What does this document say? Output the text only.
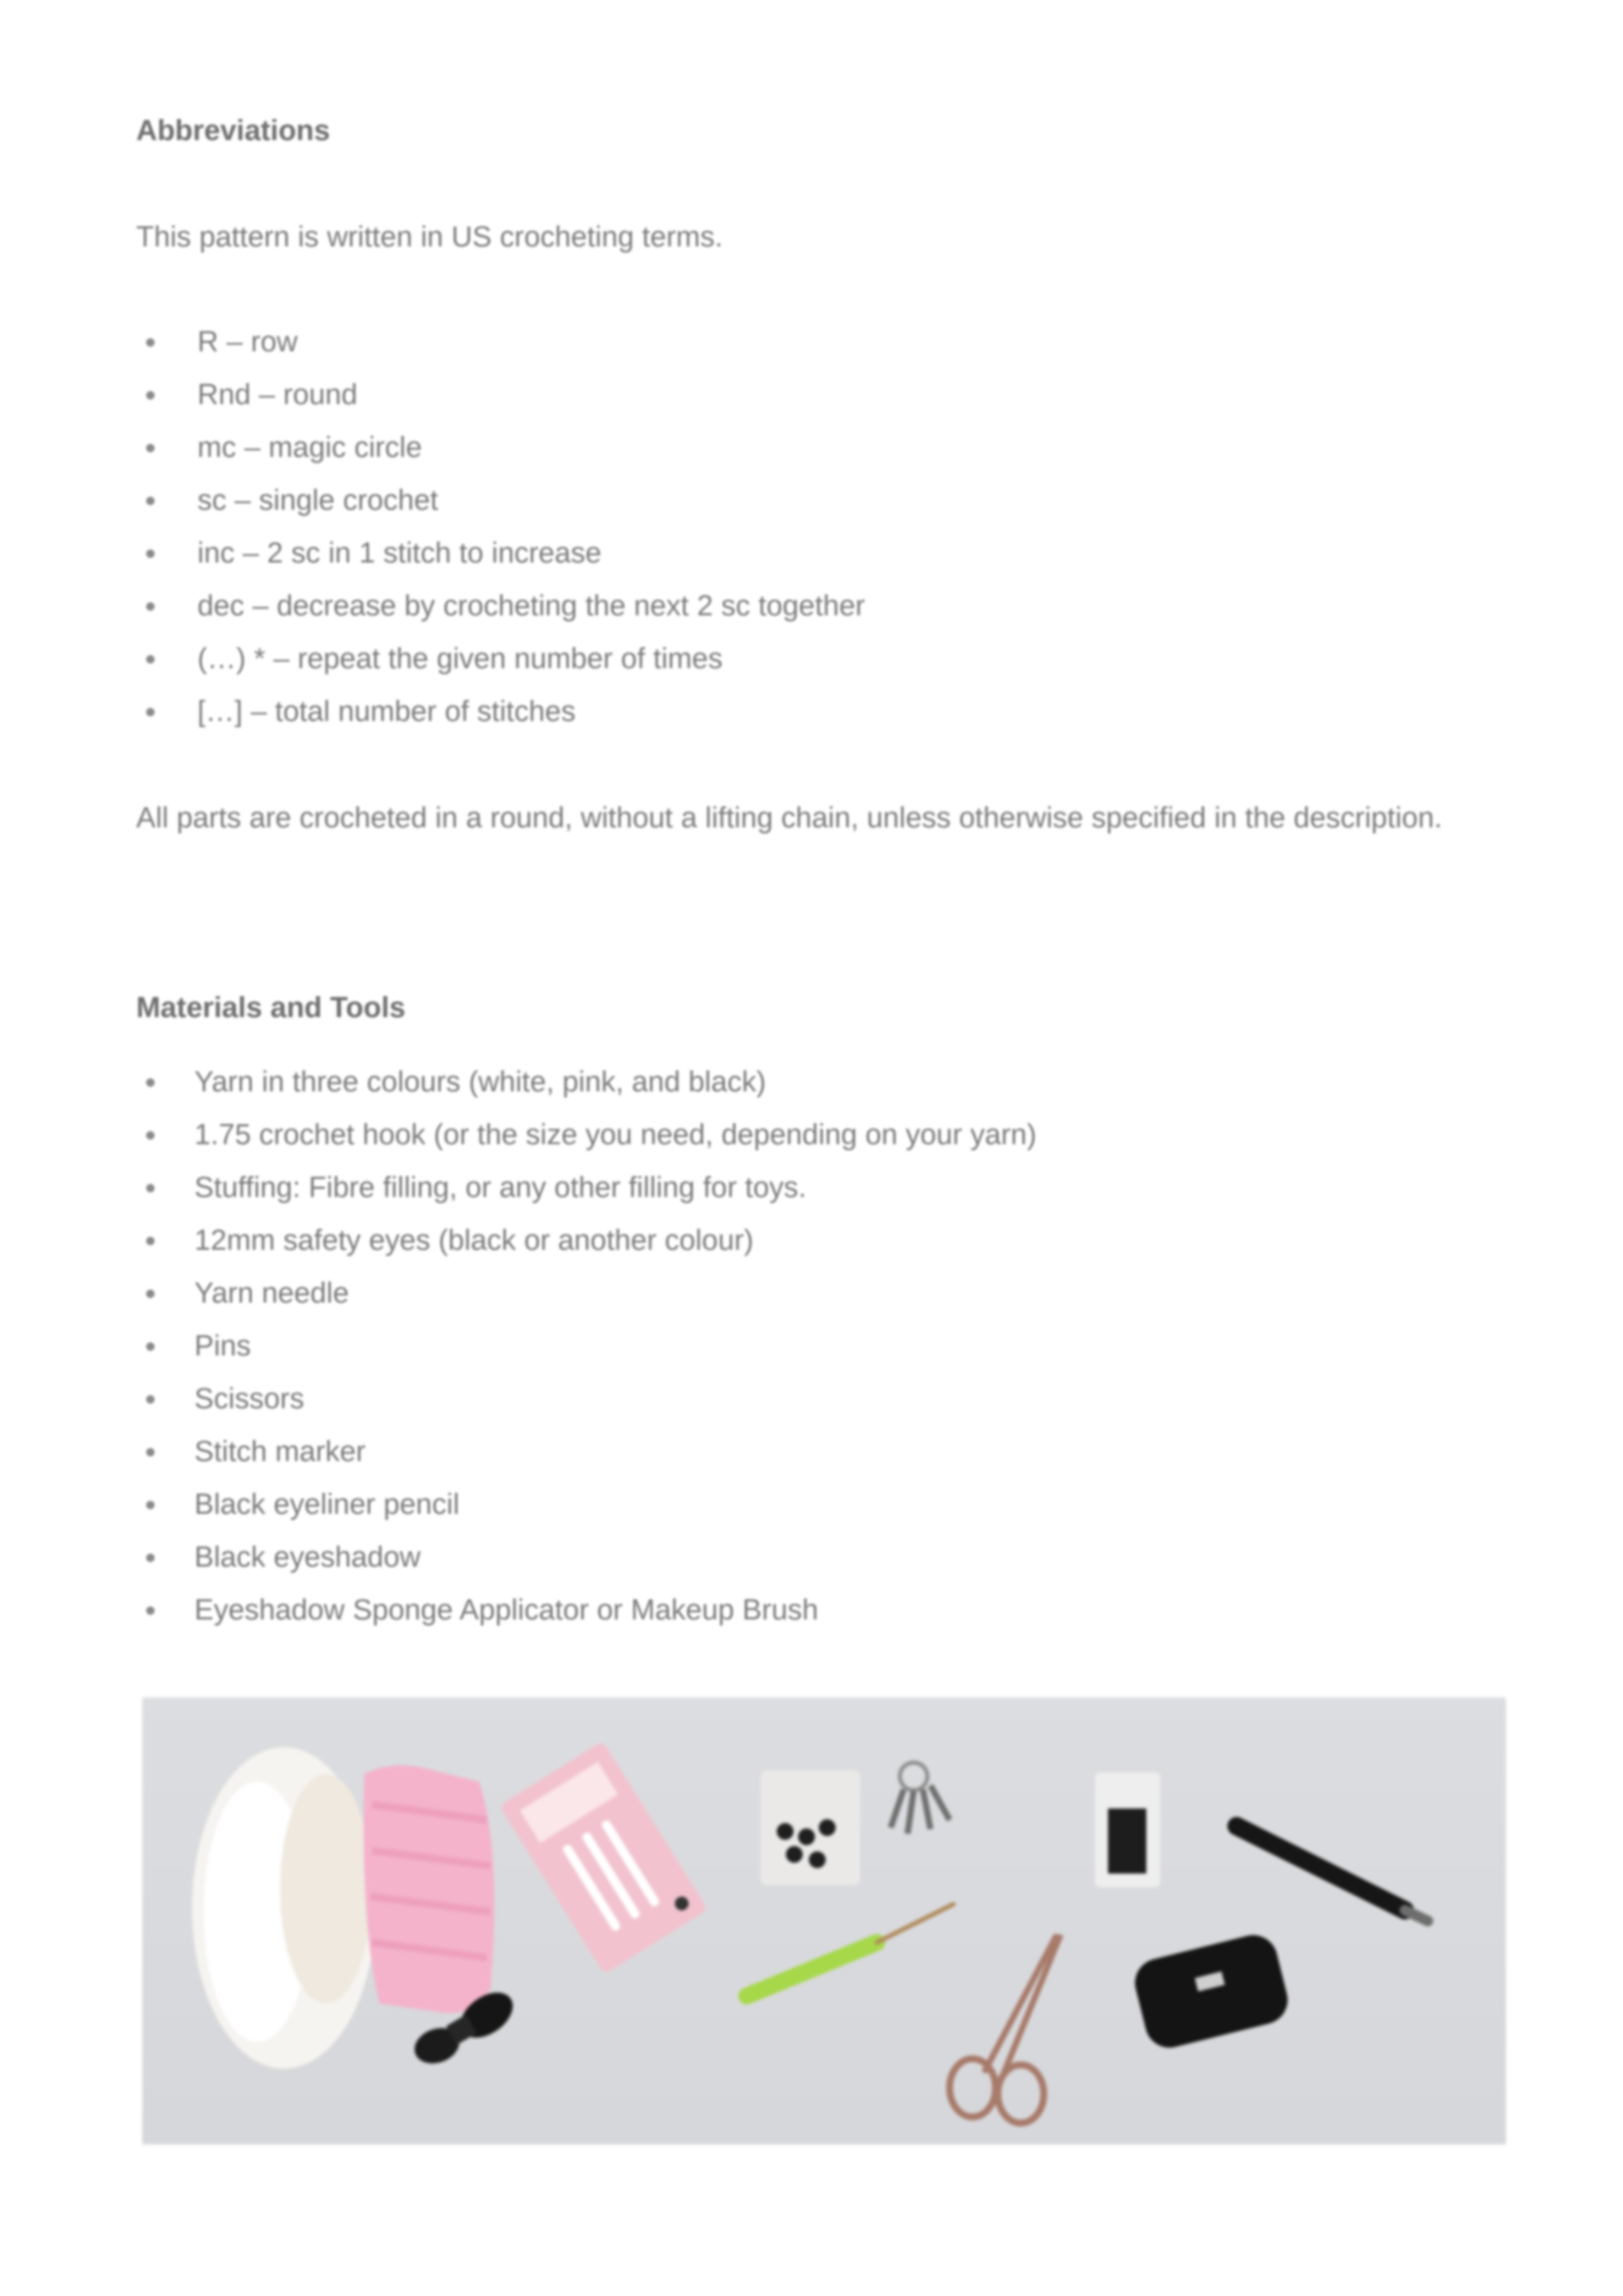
Abbreviations

This pattern is written in US crocheting terms.

R – row
Rnd – round
mc – magic circle
sc – single crochet
inc – 2 sc in 1 stitch to increase
dec – decrease by crocheting the next 2 sc together
(…) * – repeat the given number of times
[…] – total number of stitches

All parts are crocheted in a round, without a lifting chain, unless otherwise specified in the description.

Materials and Tools
Yarn in three colours (white, pink, and black)
1.75 crochet hook (or the size you need, depending on your yarn)
Stuffing: Fibre filling, or any other filling for toys.
12mm safety eyes (black or another colour)
Yarn needle
Pins
Scissors
Stitch marker
Black eyeliner pencil
Black eyeshadow
Eyeshadow Sponge Applicator or Makeup Brush
